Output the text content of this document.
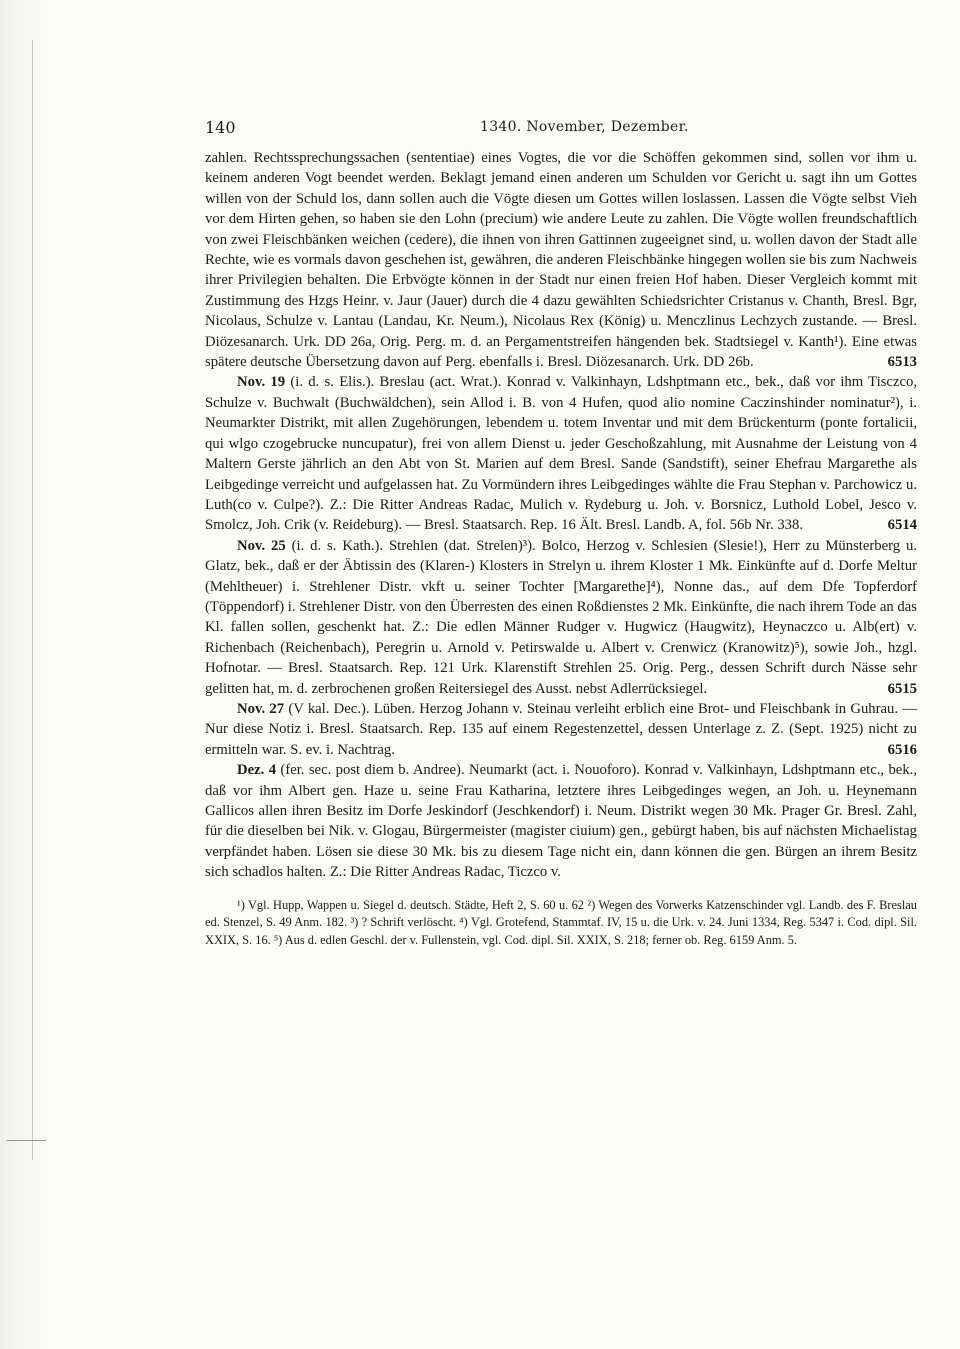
140	1340. November, Dezember.

zahlen. Rechtssprechungssachen (sententiae) eines Vogtes, die vor die Schöffen gekommen sind, sollen vor ihm u. keinem anderen Vogt beendet werden. Beklagt jemand einen anderen um Schulden vor Gericht u. sagt ihn um Gottes willen von der Schuld los, dann sollen auch die Vögte diesen um Gottes willen loslassen. Lassen die Vögte selbst Vieh vor dem Hirten gehen, so haben sie den Lohn (precium) wie andere Leute zu zahlen. Die Vögte wollen freundschaftlich von zwei Fleischbänken weichen (cedere), die ihnen von ihren Gattinnen zugeeignet sind, u. wollen davon der Stadt alle Rechte, wie es vormals davon geschehen ist, gewähren, die anderen Fleischbänke hingegen wollen sie bis zum Nachweis ihrer Privilegien behalten. Die Erbvögte können in der Stadt nur einen freien Hof haben. Dieser Vergleich kommt mit Zustimmung des Hzgs Heinr. v. Jaur (Jauer) durch die 4 dazu gewählten Schiedsrichter Cristanus v. Chanth, Bresl. Bgr, Nicolaus, Schulze v. Lantau (Landau, Kr. Neum.), Nicolaus Rex (König) u. Menczlinus Lechzych zustande. — Bresl. Diözesanarch. Urk. DD 26a, Orig. Perg. m. d. an Pergamentstreifen hängenden bek. Stadtsiegel v. Kanth¹). Eine etwas spätere deutsche Übersetzung davon auf Perg. ebenfalls i. Bresl. Diözesanarch. Urk. DD 26b.	6513

Nov. 19 (i. d. s. Elis.). Breslau (act. Wrat.). Konrad v. Valkinhayn, Ldshptmann etc., bek., daß vor ihm Tisczco, Schulze v. Buchwalt (Buchwäldchen), sein Allod i. B. von 4 Hufen, quod alio nomine Caczinshinder nominatur²), i. Neumarkter Distrikt, mit allen Zugehörungen, lebendem u. totem Inventar und mit dem Brückenturm (ponte fortalicii, qui wlgo czogebrucke nuncupatur), frei von allem Dienst u. jeder Geschoßzahlung, mit Ausnahme der Leistung von 4 Maltern Gerste jährlich an den Abt von St. Marien auf dem Bresl. Sande (Sandstift), seiner Ehefrau Margarethe als Leibgedinge verreicht und aufgelassen hat. Zu Vormündern ihres Leibgedinges wählte die Frau Stephan v. Parchowicz u. Luth(co v. Culpe?). Z.: Die Ritter Andreas Radac, Mulich v. Rydeburg u. Joh. v. Borsnicz, Luthold Lobel, Jesco v. Smolcz, Joh. Crik (v. Reideburg). — Bresl. Staatsarch. Rep. 16 Ält. Bresl. Landb. A, fol. 56b Nr. 338.	6514

Nov. 25 (i. d. s. Kath.). Strehlen (dat. Strelen)³). Bolco, Herzog v. Schlesien (Slesie!), Herr zu Münsterberg u. Glatz, bek., daß er der Äbtissin des (Klaren-) Klosters in Strelyn u. ihrem Kloster 1 Mk. Einkünfte auf d. Dorfe Meltur (Mehltheuer) i. Strehlener Distr. vkft u. seiner Tochter [Margarethe]⁴), Nonne das., auf dem Dfe Topferdorf (Töppendorf) i. Strehlener Distr. von den Überresten des einen Roßdienstes 2 Mk. Einkünfte, die nach ihrem Tode an das Kl. fallen sollen, geschenkt hat. Z.: Die edlen Männer Rudger v. Hugwicz (Haugwitz), Heynaczco u. Alb(ert) v. Richenbach (Reichenbach), Peregrin u. Arnold v. Petirswalde u. Albert v. Crenwicz (Kranowitz)⁵), sowie Joh., hzgl. Hofnotar. — Bresl. Staatsarch. Rep. 121 Urk. Klarenstift Strehlen 25. Orig. Perg., dessen Schrift durch Nässe sehr gelitten hat, m. d. zerbrochenen großen Reitersiegel des Ausst. nebst Adlerrücksiegel.	6515

Nov. 27 (V kal. Dec.). Lüben. Herzog Johann v. Steinau verleiht erblich eine Brot- und Fleischbank in Guhrau. — Nur diese Notiz i. Bresl. Staatsarch. Rep. 135 auf einem Regestenzettel, dessen Unterlage z. Z. (Sept. 1925) nicht zu ermitteln war. S. ev. i. Nachtrag.	6516

Dez. 4 (fer. sec. post diem b. Andree). Neumarkt (act. i. Nouoforo). Konrad v. Valkinhayn, Ldshptmann etc., bek., daß vor ihm Albert gen. Haze u. seine Frau Katharina, letztere ihres Leibgedinges wegen, an Joh. u. Heynemann Gallicos allen ihren Besitz im Dorfe Jeskindorf (Jeschkendorf) i. Neum. Distrikt wegen 30 Mk. Prager Gr. Bresl. Zahl, für die dieselben bei Nik. v. Glogau, Bürgermeister (magister ciuium) gen., gebürgt haben, bis auf nächsten Michaelistag verpfändet haben. Lösen sie diese 30 Mk. bis zu diesem Tage nicht ein, dann können die gen. Bürgen an ihrem Besitz sich schadlos halten. Z.: Die Ritter Andreas Radac, Ticzco v.

¹) Vgl. Hupp, Wappen u. Siegel d. deutsch. Städte, Heft 2, S. 60 u. 62 ²) Wegen des Vorwerks Katzenschinder vgl. Landb. des F. Breslau ed. Stenzel, S. 49 Anm. 182. ³) ? Schrift verlöscht. ⁴) Vgl. Grotefend, Stammtaf. IV, 15 u. die Urk. v. 24. Juni 1334, Reg. 5347 i. Cod. dipl. Sil. XXIX, S. 16. ⁵) Aus d. edlen Geschl. der v. Fullenstein, vgl. Cod. dipl. Sil. XXIX, S. 218; ferner ob. Reg. 6159 Anm. 5.
